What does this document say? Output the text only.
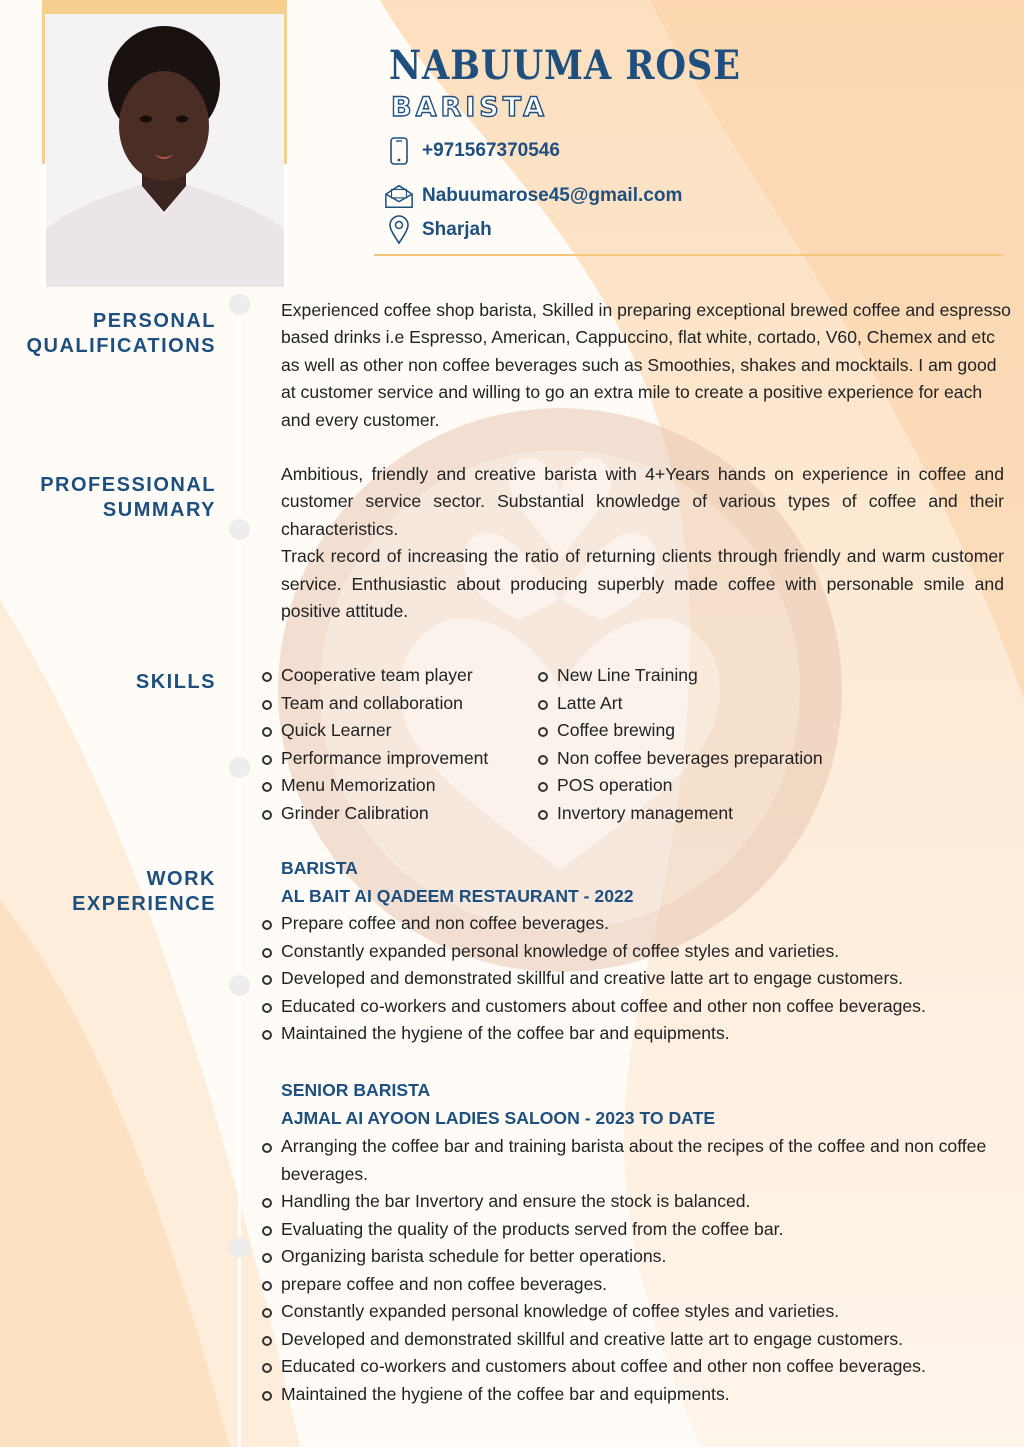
NABUUMA ROSE
BARISTA
+971567370546
Nabuumarose45@gmail.com
Sharjah
PERSONAL
QUALIFICATIONS
Experienced coffee shop barista, Skilled in preparing exceptional brewed coffee and espresso based drinks i.e Espresso, American, Cappuccino, flat white, cortado, V60, Chemex and etc as well as other non coffee beverages such as Smoothies, shakes and mocktails. I am good at customer service and willing to go an extra mile to create a positive experience for each and every customer.
PROFESSIONAL
SUMMARY
Ambitious, friendly and creative barista with 4+Years hands on experience in coffee and customer service sector. Substantial knowledge of various types of coffee and their characteristics.
Track record of increasing the ratio of returning clients through friendly and warm customer service. Enthusiastic about producing superbly made coffee with personable smile and positive attitude.
SKILLS	Cooperative team player
Team and collaboration
Quick Learner
Performance improvement
Menu Memorization
Grinder Calibration
New Line Training
Latte Art
Coffee brewing
Non coffee beverages preparation
POS operation
Invertory management
WORK
EXPERIENCE
BARISTA
AL BAIT AI QADEEM RESTAURANT - 2022
Prepare coffee and non coffee beverages.
Constantly expanded personal knowledge of coffee styles and varieties.
Developed and demonstrated skillful and creative latte art to engage customers.
Educated co-workers and customers about coffee and other non coffee beverages.
Maintained the hygiene of the coffee bar and equipments.
SENIOR BARISTA
AJMAL AI AYOON LADIES SALOON - 2023 TO DATE
Arranging the coffee bar and training barista about the recipes of the coffee and non coffee beverages.
Handling the bar Invertory and ensure the stock is balanced.
Evaluating the quality of the products served from the coffee bar.
Organizing barista schedule for better operations.
prepare coffee and non coffee beverages.
Constantly expanded personal knowledge of coffee styles and varieties.
Developed and demonstrated skillful and creative latte art to engage customers.
Educated co-workers and customers about coffee and other non coffee beverages.
Maintained the hygiene of the coffee bar and equipments.
